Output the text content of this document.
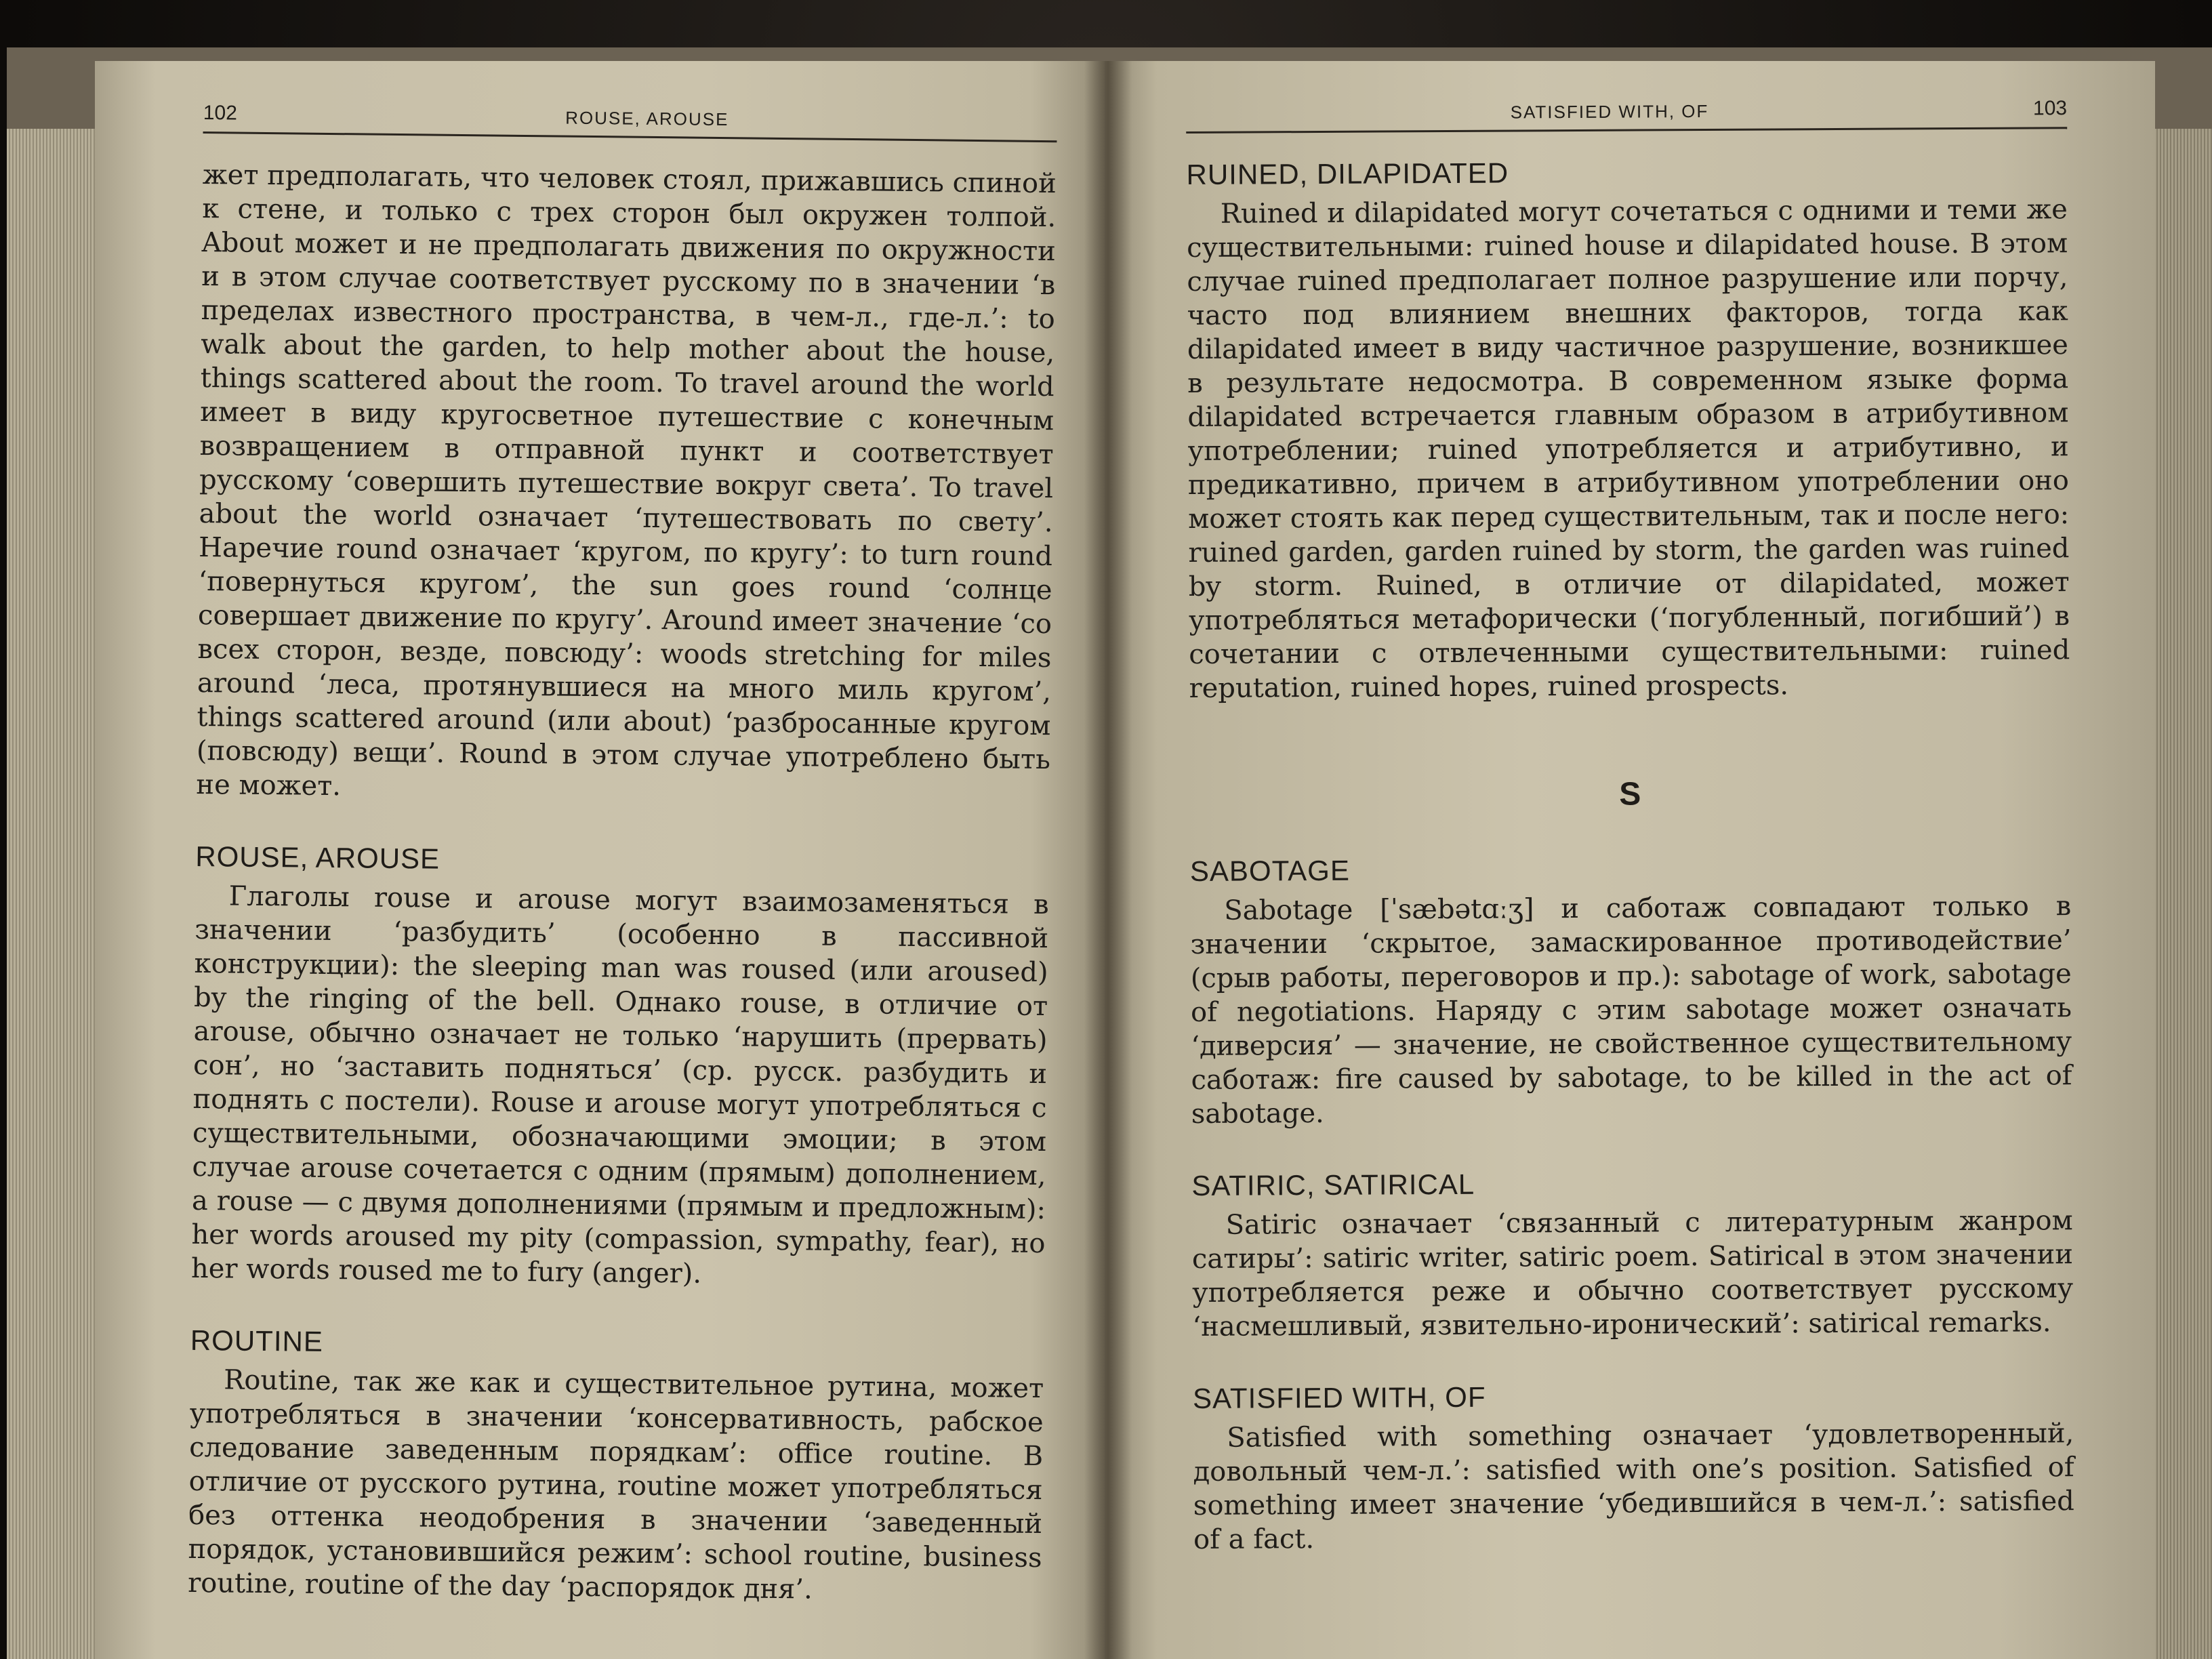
102	ROUSE, AROUSE

жет предполагать, что человек стоял, прижавшись спиной к стене, и только с трех сторон был окружен толпой. About может и не предполагать движения по окружности и в этом случае соответствует русскому по в значении ‘в пределах известного пространства, в чем-л., где-л.’: to walk about the garden, to help mother about the house, things scattered about the room. To travel around the world имеет в виду кругосветное путешествие с конечным возвращением в отправной пункт и соответствует русскому ‘совершить путешествие вокруг света’. To travel about the world означает ‘путешествовать по свету’. Наречие round означает ‘кругом, по кругу’: to turn round ‘повернуться кругом’, the sun goes round ‘солнце совершает движение по кругу’. Around имеет значение ‘со всех сторон, везде, повсюду’: woods stretching for miles around ‘леса, протянувшиеся на много миль кругом’, things scattered around (или about) ‘разбросанные кругом (повсюду) вещи’. Round в этом случае употреблено быть не может.

ROUSE, AROUSE

Глаголы rouse и arouse могут взаимозаменяться в значении ‘разбудить’ (особенно в пассивной конструкции): the sleeping man was roused (или aroused) by the ringing of the bell. Однако rouse, в отличие от arouse, обычно означает не только ‘нарушить (прервать) сон’, но ‘заставить подняться’ (ср. русск. разбудить и поднять с постели). Rouse и arouse могут употребляться с существительными, обозначающими эмоции; в этом случае arouse сочетается с одним (прямым) дополнением, а rouse — с двумя дополнениями (прямым и предложным): her words aroused my pity (compassion, sympathy, fear), но her words roused me to fury (anger).

ROUTINE

Routine, так же как и существительное рутина, может употребляться в значении ‘консервативность, рабское следование заведенным порядкам’: office routine. В отличие от русского рутина, routine может употребляться без оттенка неодобрения в значении ‘заведенный порядок, установившийся режим’: school routine, business routine, routine of the day ‘распорядок дня’.

SATISFIED WITH, OF	103
RUINED, DILAPIDATED

Ruined и dilapidated могут сочетаться с одними и теми же существительными: ruined house и dilapidated house. В этом случае ruined предполагает полное разрушение или порчу, часто под влиянием внешних факторов, тогда как dilapidated имеет в виду частичное разрушение, возникшее в результате недосмотра. В современном языке форма dilapidated встречается главным образом в атрибутивном употреблении; ruined употребляется и атрибутивно, и предикативно, причем в атрибутивном употреблении оно может стоять как перед существительным, так и после него: ruined garden, garden ruined by storm, the garden was ruined by storm. Ruined, в отличие от dilapidated, может употребляться метафорически (‘погубленный, погибший’) в сочетании с отвлеченными существительными: ruined reputation, ruined hopes, ruined prospects.

S
SABOTAGE

Sabotage [ˈsæbətɑːʒ] и саботаж совпадают только в значении ‘скрытое, замаскированное противодействие’ (срыв работы, переговоров и пр.): sabotage of work, sabotage of negotiations. Наряду с этим sabotage может означать ‘диверсия’ — значение, не свойственное существительному саботаж: fire caused by sabotage, to be killed in the act of sabotage.

SATIRIC, SATIRICAL

Satiric означает ‘связанный с литературным жанром сатиры’: satiric writer, satiric poem. Satirical в этом значении употребляется реже и обычно соответствует русскому ‘насмешливый, язвительно-иронический’: satirical remarks.

SATISFIED WITH, OF

Satisfied with something означает ‘удовлетворенный, довольный чем-л.’: satisfied with one’s position. Satisfied of something имеет значение ‘убедившийся в чем-л.’: satisfied of a fact.
